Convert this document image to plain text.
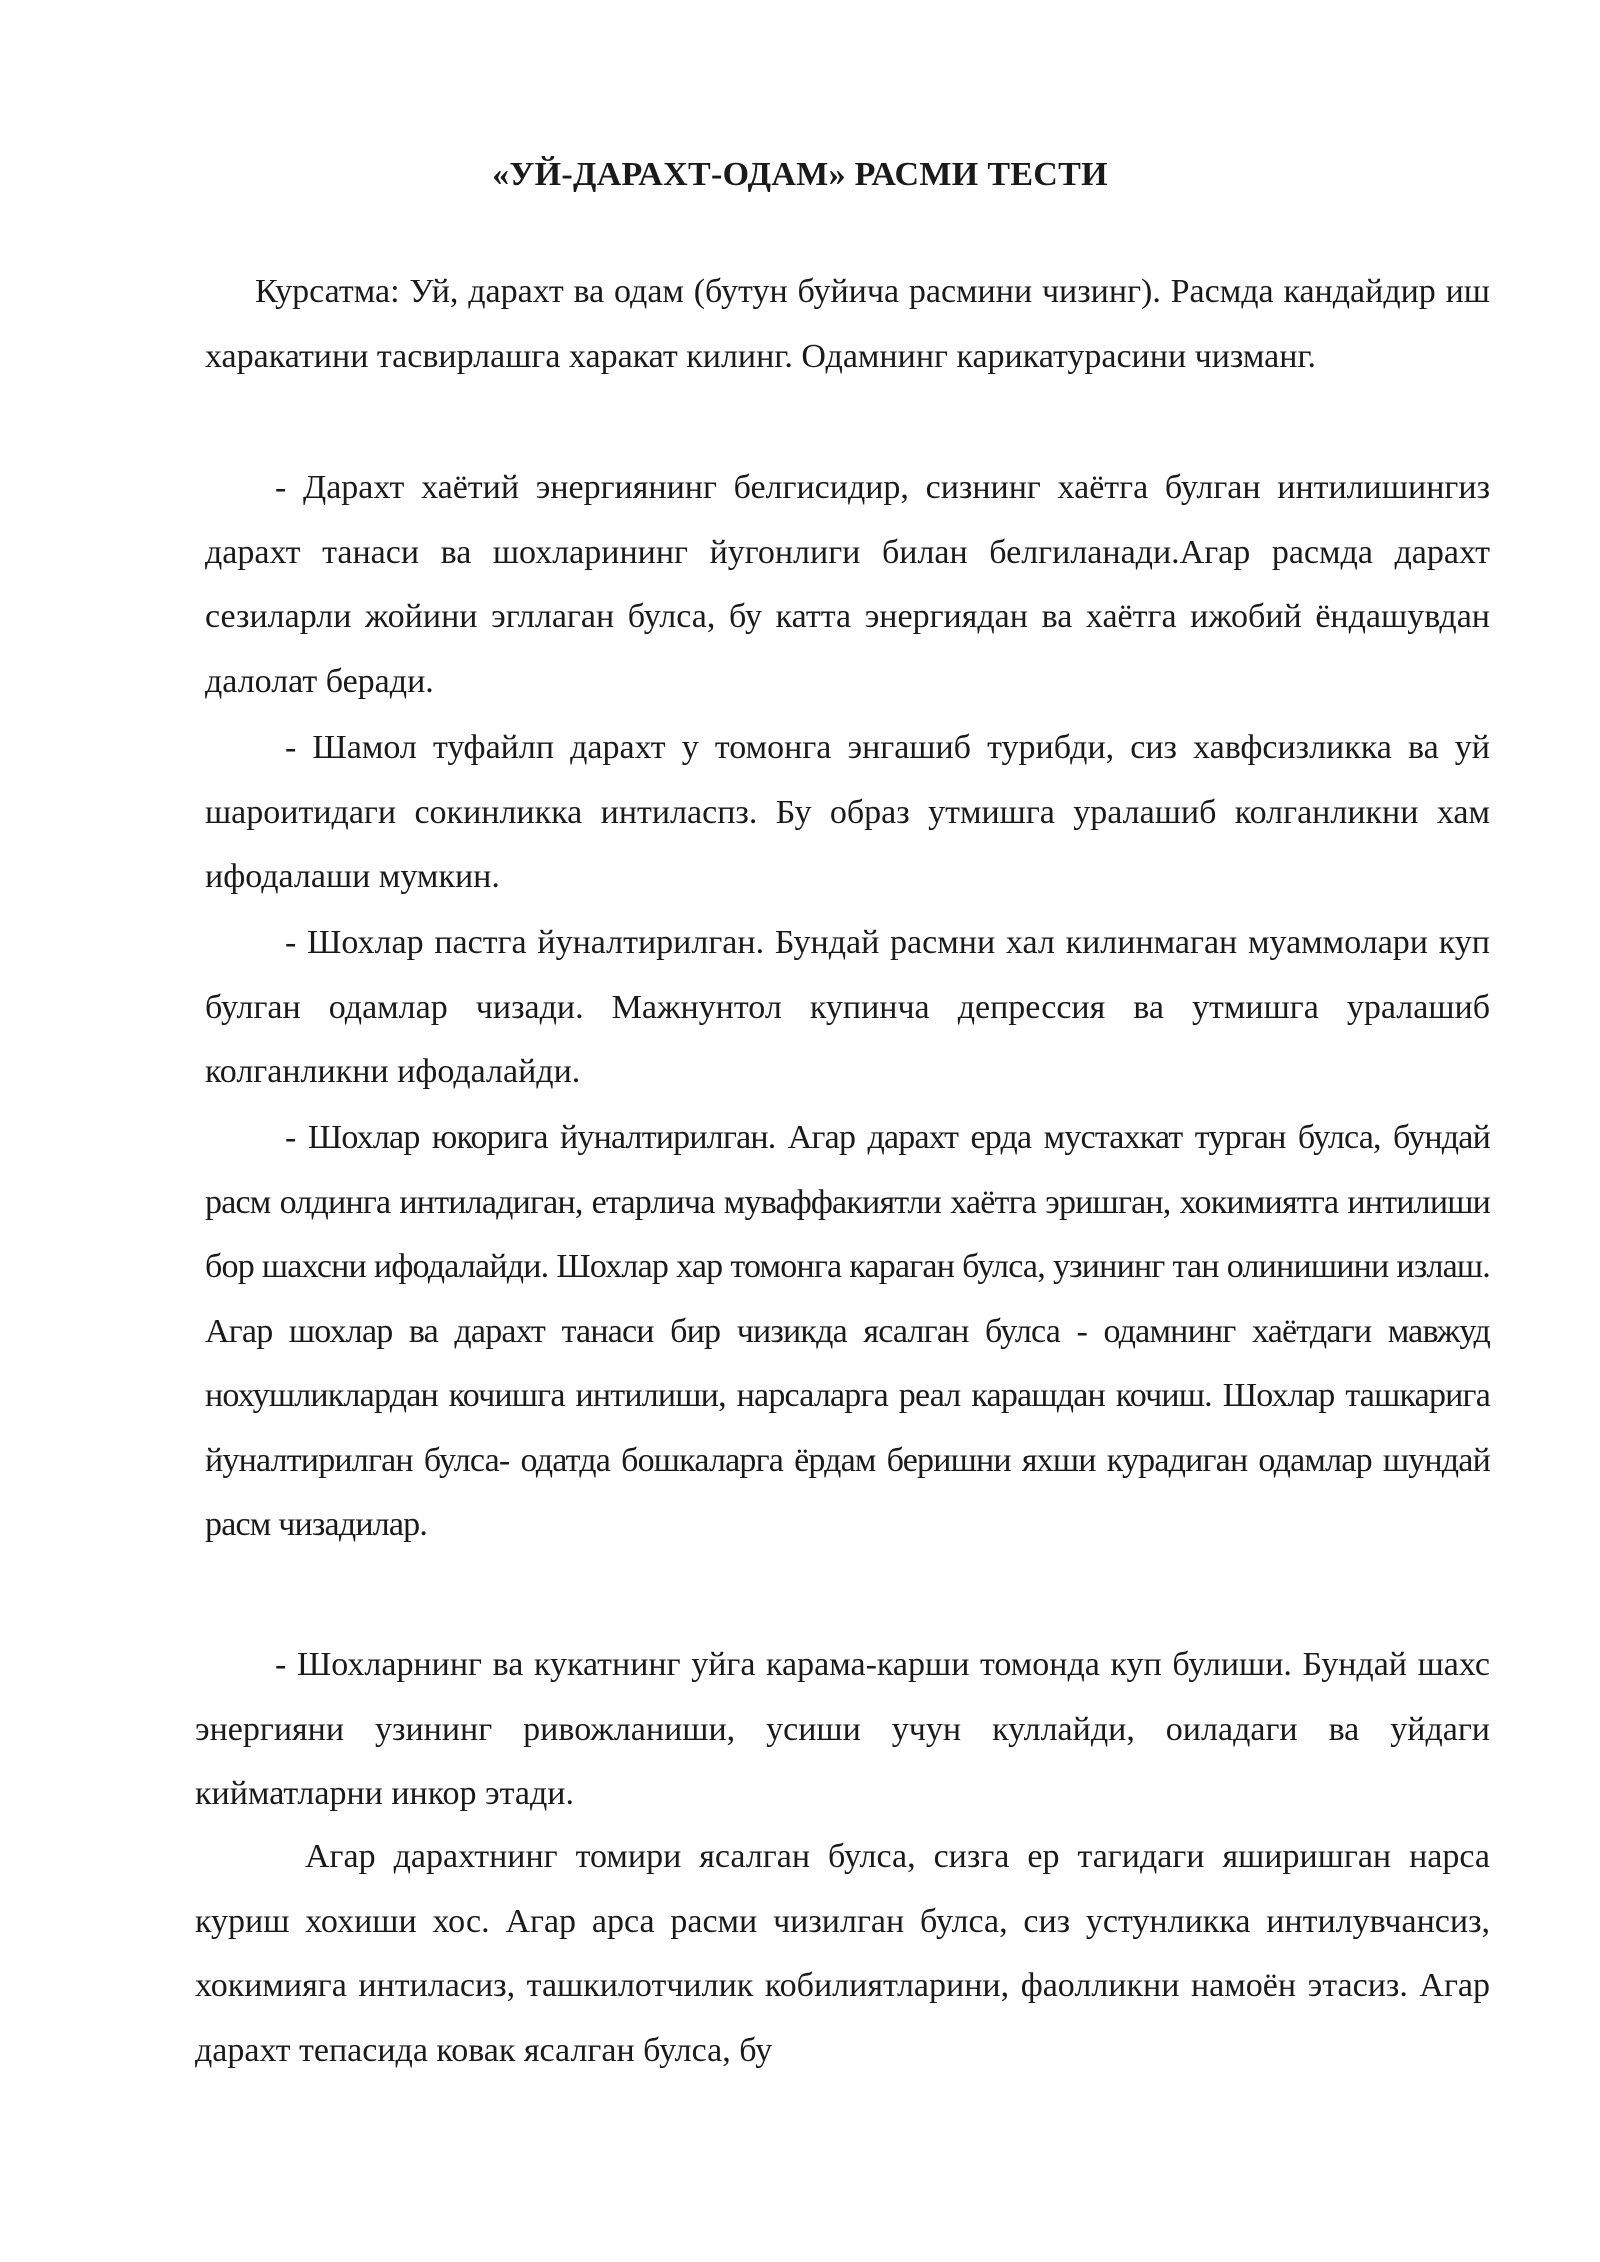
«УЙ-ДАРАХТ-ОДАМ» РАСМИ ТЕСТИ
Курсатма: Уй, дарахт ва одам (бутун буйича расмини чизинг). Расмда кандайдир иш харакатини тасвирлашга харакат килинг. Одамнинг карикатурасини чизманг.
- Дарахт хаётий энергиянинг белгисидир, сизнинг хаётга булган интилишингиз дарахт танаси ва шохларининг йугонлиги билан белгиланади.Агар расмда дарахт сезиларли жойини эгллаган булса, бу катта энергиядан ва хаётга ижобий ёндашувдан далолат беради.
- Шамол туфайлп дарахт у томонга энгашиб турибди, сиз хавфсизликка ва уй шароитидаги сокинликка интиласпз. Бу образ утмишга уралашиб колганликни хам ифодалаши мумкин.
- Шохлар пастга йуналтирилган. Бундай расмни хал килинмаган муаммолари куп булган одамлар чизади. Мажнунтол купинча депрессия ва утмишга уралашиб колганликни ифодалайди.
- Шохлар юкорига йуналтирилган. Агар дарахт ерда мустахкат турган булса, бундай расм олдинга интиладиган, етарлича муваффакиятли хаётга эришган, хокимиятга интилиши бор шахсни ифодалайди. Шохлар хар томонга караган булса, узининг тан олинишини излаш. Агар шохлар ва дарахт танаси бир чизикда ясалган булса - одамнинг хаётдаги мавжуд нохушликлардан кочишга интилиши, нарсаларга реал карашдан кочиш. Шохлар ташкарига йуналтирилган булса- одатда бошкаларга ёрдам беришни яхши курадиган одамлар шундай расм чизадилар.
- Шохларнинг ва кукатнинг уйга карама-карши томонда куп булиши. Бундай шахс энергияни узининг ривожланиши, усиши учун куллайди, оиладаги ва уйдаги кийматларни инкор этади.
Агар дарахтнинг томири ясалган булса, сизга ер тагидаги яширишган нарса куриш хохиши хос. Агар арса расми чизилган булса, сиз устунликка интилувчансиз, хокимияга интиласиз, ташкилотчилик кобилиятларини, фаолликни намоён этасиз. Агар дарахт тепасида ковак ясалган булса, бу
